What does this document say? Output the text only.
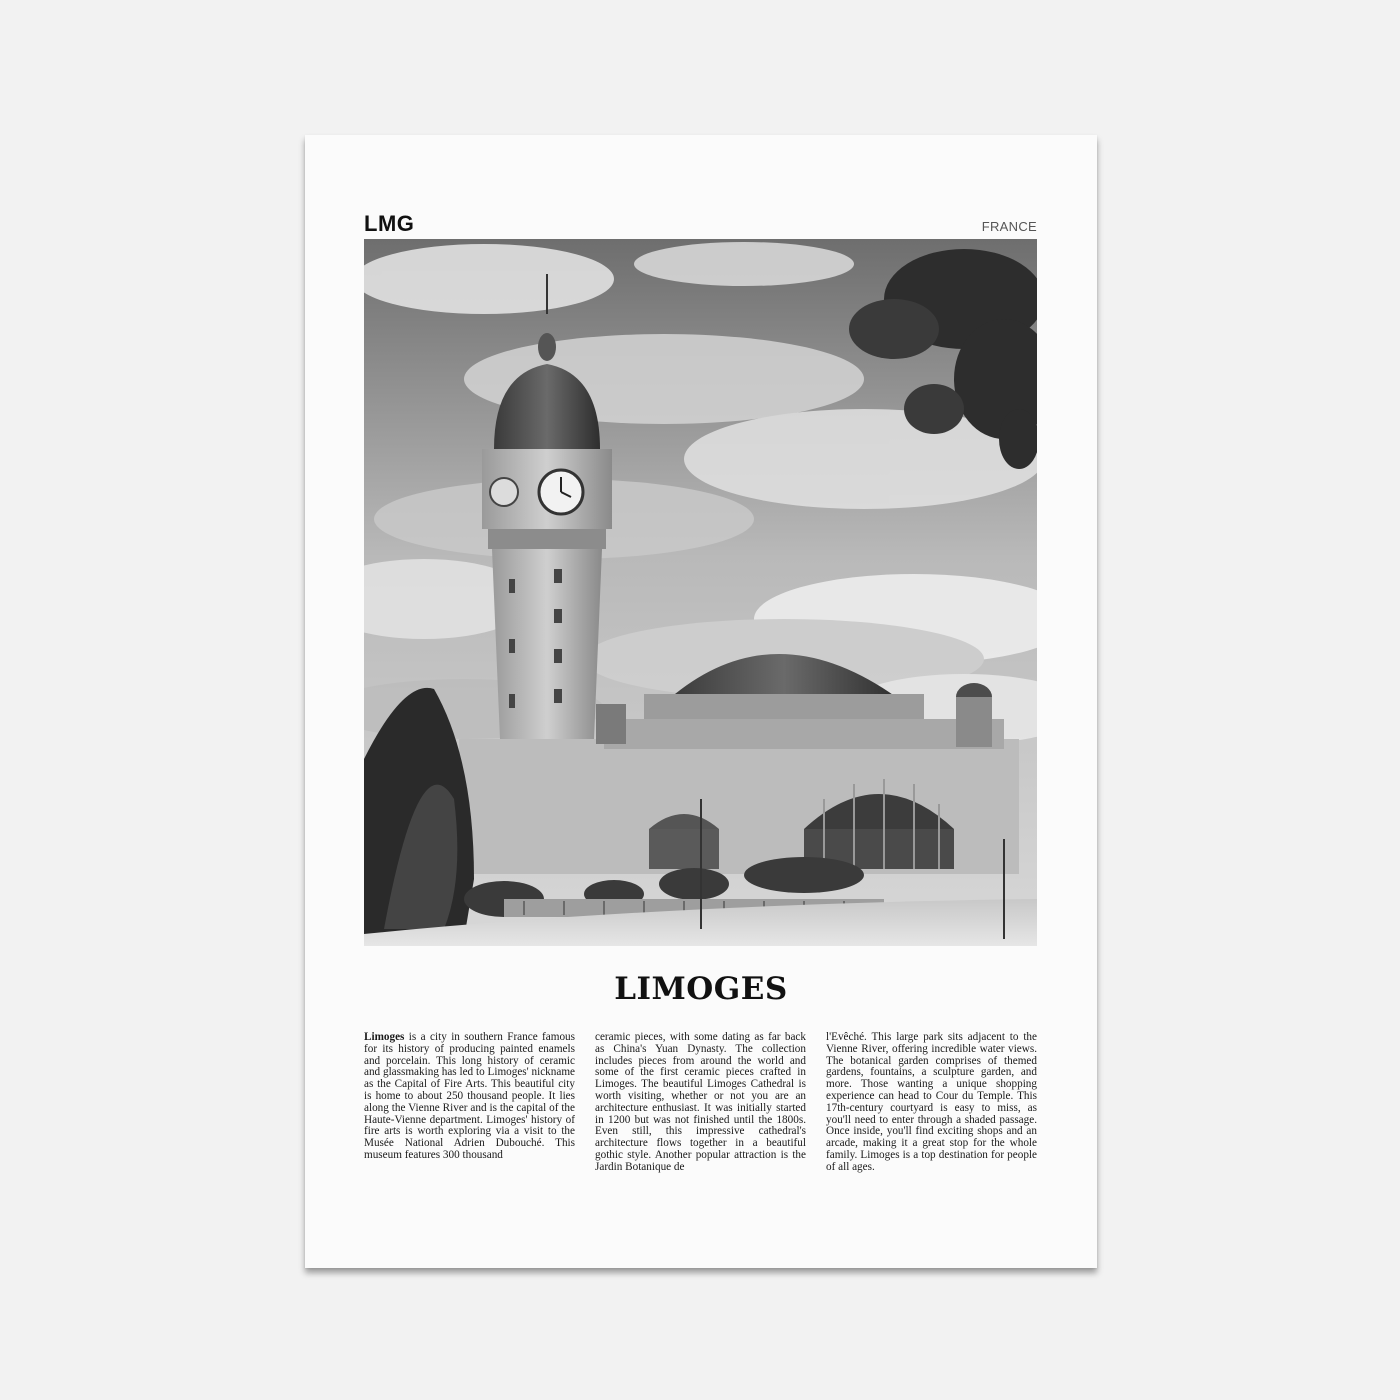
LMG	FRANCE
LIMOGES
Limoges is a city in southern France famous for its history of producing painted enamels and porcelain. This long history of ceramic and glassmaking has led to Limoges' nickname as the Capital of Fire Arts. This beautiful city is home to about 250 thousand people. It lies along the Vienne River and is the capital of the Haute-Vienne department. Limoges' history of fire arts is worth exploring via a visit to the Musée National Adrien Dubouché. This museum features 300 thousand
ceramic pieces, with some dating as far back as China's Yuan Dynasty. The collection includes pieces from around the world and some of the first ceramic pieces crafted in Limoges. The beautiful Limoges Cathedral is worth visiting, whether or not you are an architecture enthusiast. It was initially started in 1200 but was not finished until the 1800s. Even still, this impressive cathedral's architecture flows together in a beautiful gothic style. Another popular attraction is the Jardin Botanique de
l'Evêché. This large park sits adjacent to the Vienne River, offering incredible water views. The botanical garden comprises of themed gardens, fountains, a sculpture garden, and more. Those wanting a unique shopping experience can head to Cour du Temple. This 17th-century courtyard is easy to miss, as you'll need to enter through a shaded passage. Once inside, you'll find exciting shops and an arcade, making it a great stop for the whole family. Limoges is a top destination for people of all ages.
